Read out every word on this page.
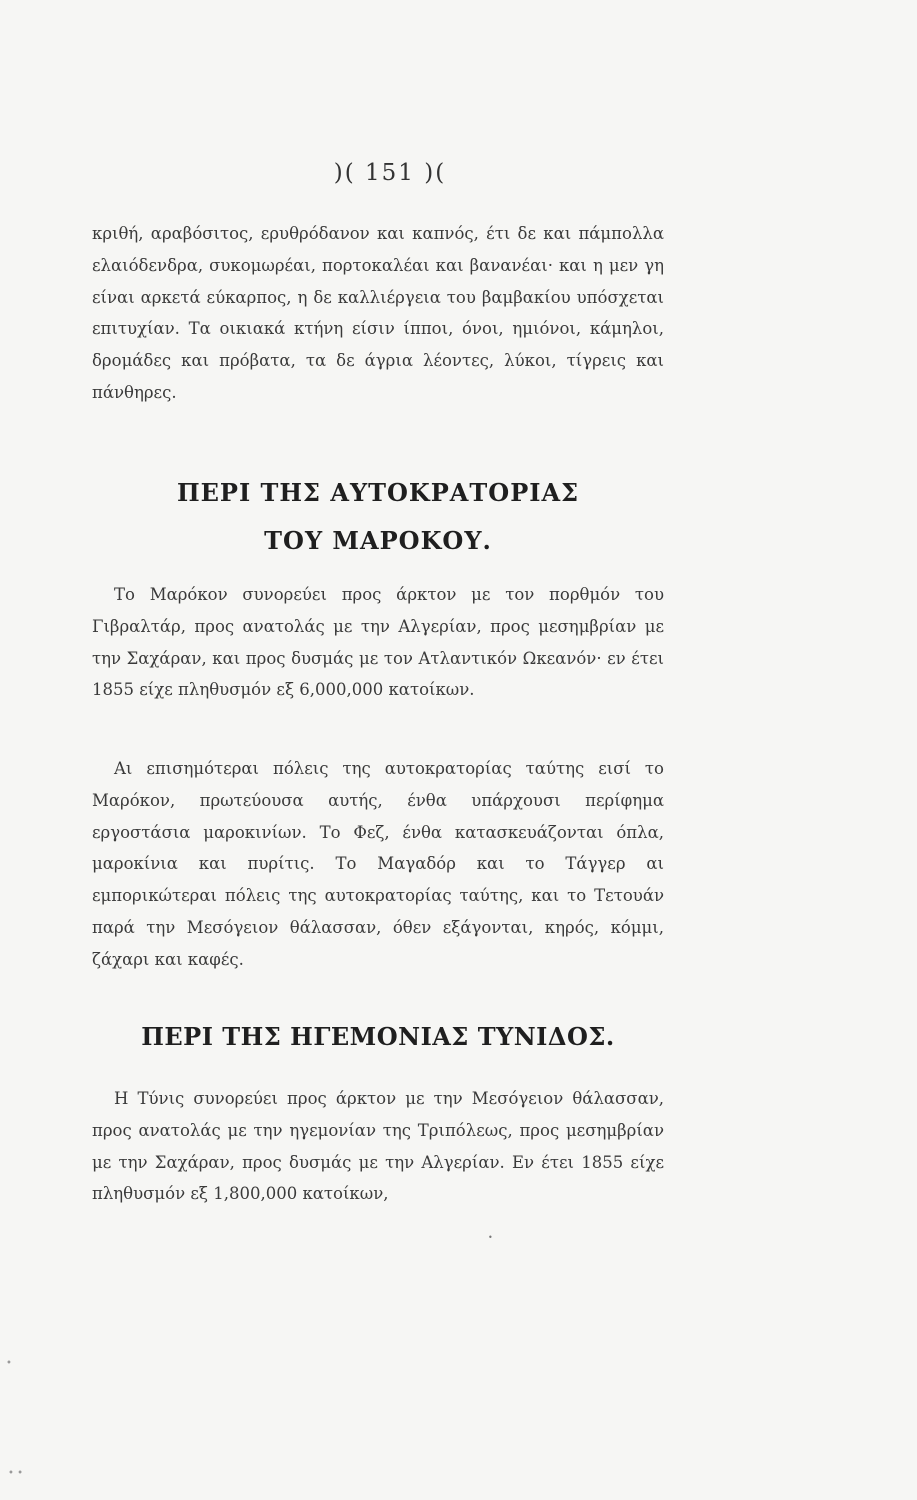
)( 151 )(

κριθή, αραβόσιτος, ερυθρόδανον και καπνός, έτι δε και πάμπολλα ελαιόδενδρα, συκομωρέαι, πορτοκαλέαι και βανανέαι· και η μεν γη είναι αρκετά εύκαρπος, η δε καλλιέργεια του βαμβακίου υπόσχεται επιτυχίαν. Τα οικιακά κτήνη είσιν ίπποι, όνοι, ημιόνοι, κάμηλοι, δρομάδες και πρόβατα, τα δε άγρια λέοντες, λύκοι, τίγρεις και πάνθηρες.

ΠΕΡΙ ΤΗΣ ΑΥΤΟΚΡΑΤΟΡΙΑΣ
ΤΟΥ ΜΑΡΟΚΟΥ.

Το Μαρόκον συνορεύει προς άρκτον με τον πορθμόν του Γιβραλτάρ, προς ανατολάς με την Αλγερίαν, προς μεσημβρίαν με την Σαχάραν, και προς δυσμάς με τον Ατλαντικόν Ωκεανόν· εν έτει 1855 είχε πληθυσμόν εξ 6,000,000 κατοίκων.

Αι επισημότεραι πόλεις της αυτοκρατορίας ταύτης εισί το Μαρόκον, πρωτεύουσα αυτής, ένθα υπάρχουσι περίφημα εργοστάσια μαροκινίων. Το Φεζ, ένθα κατασκευάζονται όπλα, μαροκίνια και πυρίτις. Το Μαγαδόρ και το Τάγγερ αι εμπορικώτεραι πόλεις της αυτοκρατορίας ταύτης, και το Τετουάν παρά την Μεσόγειον θάλασσαν, όθεν εξάγονται, κηρός, κόμμι, ζάχαρι και καφές.

ΠΕΡΙ ΤΗΣ ΗΓΕΜΟΝΙΑΣ ΤΥΝΙΔΟΣ.

Η Τύνις συνορεύει προς άρκτον με την Μεσόγειον θάλασσαν, προς ανατολάς με την ηγεμονίαν της Τριπόλεως, προς μεσημβρίαν με την Σαχάραν, προς δυσμάς με την Αλγερίαν. Εν έτει 1855 είχε πληθυσμόν εξ 1,800,000 κατοίκων,

•
• •
•
